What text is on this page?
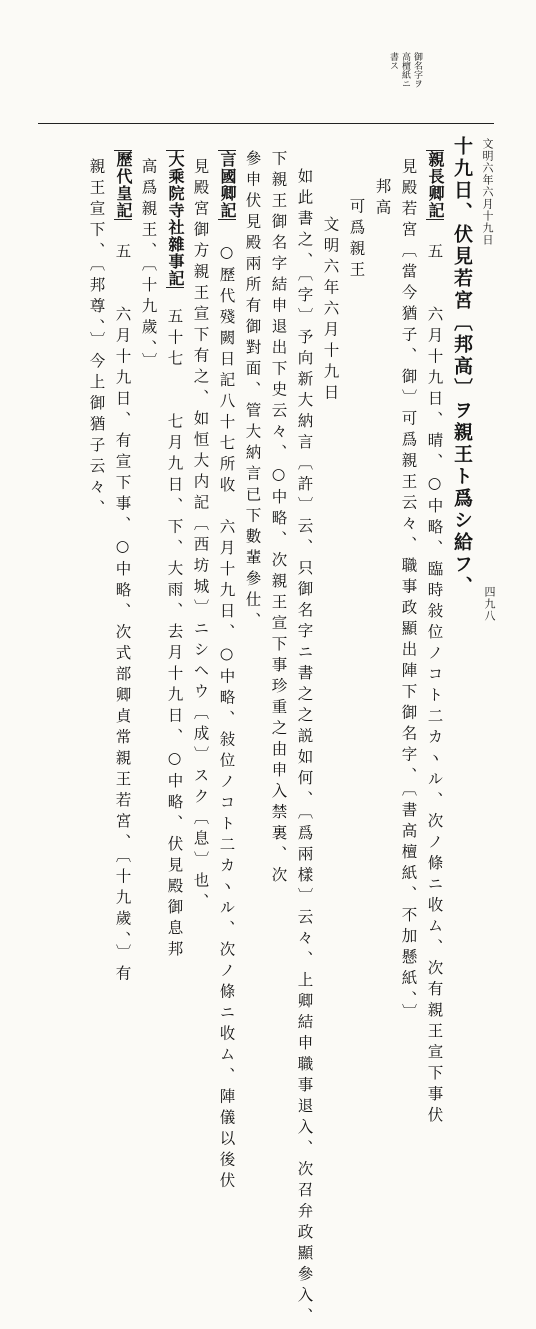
文明六年六月十九日
四九八
御名字ヲ
高檀紙ニ
書ス
十九日、伏見若宮〔邦高〕ヲ親王ト爲シ給フ、
親長卿記
五　　六月十九日、晴、○中略、臨時敍位ノコト二カヽル、次ノ條ニ收ム、次有親王宣下事伏
見殿若宮〔當今猶子、御〕可爲親王云々、職事政顯出陣下御名字、〔書高檀紙、不加懸紙、〕
邦高
可爲親王
文明六年六月十九日
如此書之、〔字〕予向新大納言〔許〕云、只御名字ニ書之之説如何、〔爲兩樣〕云々、上卿結申職事退入、次召弁政顯參入、
下親王御名字結申退出下史云々、○中略、次親王宣下事珍重之由申入禁裏、次
參申伏見殿兩所有御對面、管大納言已下數輩參仕、
言國卿記
○歷代殘闕日記八十七所收　六月十九日、○中略、敍位ノコト二カヽル、次ノ條ニ收ム、陣儀以後伏
見殿宮御方親王宣下有之、如恒大内記〔西坊城〕ニシヘウ〔成〕スク〔息〕也、
大乘院寺社雜事記
五十七　　七月九日、下、大雨、去月十九日、○中略、伏見殿御息邦
高爲親王、〔十九歲、〕
歷代皇記
五　　六月十九日、有宣下事、○中略、次式部卿貞常親王若宮、〔十九歲、〕有
親王宣下、〔邦尊、〕今上御猶子云々、
